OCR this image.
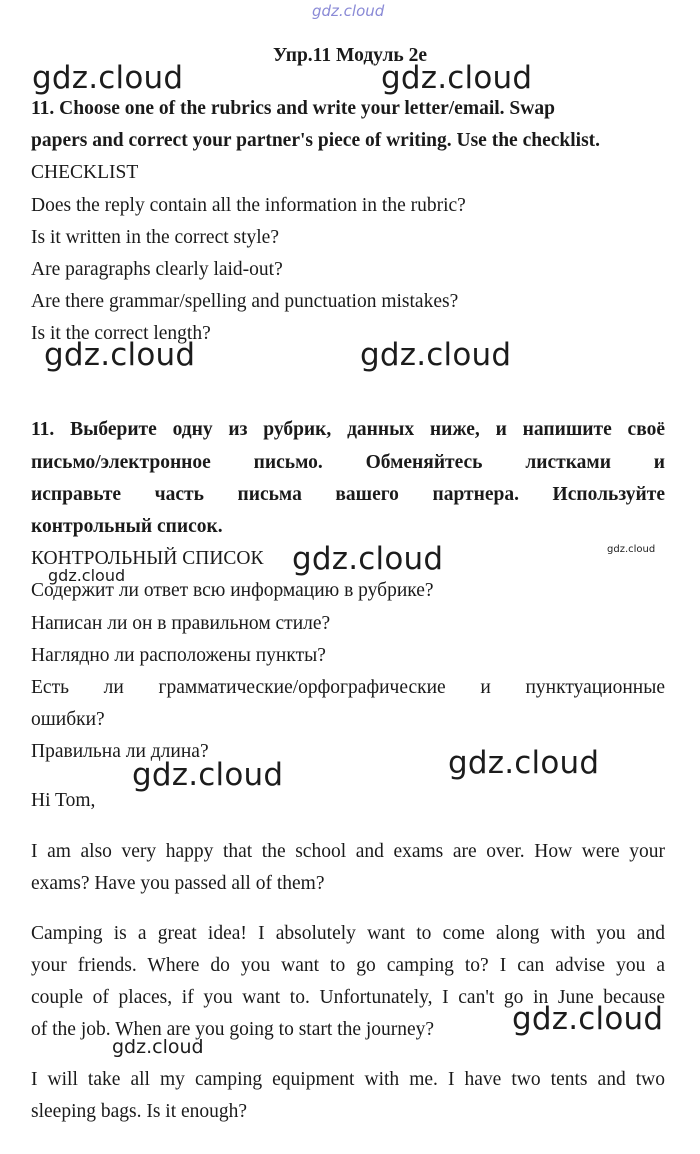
gdz.cloud
Упр.11 Модуль 2e
11. Choose one of the rubrics and write your letter/email. Swap
papers and correct your partner's piece of writing. Use the checklist.
CHECKLIST
Does the reply contain all the information in the rubric?
Is it written in the correct style?
Are paragraphs clearly laid-out?
Are there grammar/spelling and punctuation mistakes?
Is it the correct length?
11. Выберите одну из рубрик, данных ниже, и напишите своё
письмо/электронное письмо. Обменяйтесь листками и
исправьте часть письма вашего партнера. Используйте
контрольный список.
КОНТРОЛЬНЫЙ СПИСОК
Содержит ли ответ всю информацию в рубрике?
Написан ли он в правильном стиле?
Наглядно ли расположены пункты?
Есть ли грамматические/орфографические и пунктуационные
ошибки?
Правильна ли длина?
Hi Tom,
I am also very happy that the school and exams are over. How were your
exams? Have you passed all of them?
Camping is a great idea! I absolutely want to come along with you and
your friends. Where do you want to go camping to? I can advise you a
couple of places, if you want to. Unfortunately, I can't go in June because
of the job. When are you going to start the journey?
I will take all my camping equipment with me. I have two tents and two
sleeping bags. Is it enough?
gdz.cloud	gdz.cloud
gdz.cloud	gdz.cloud
gdz.cloud	gdz.cloud
gdz.cloud
gdz.cloud	gdz.cloud
gdz.cloud
gdz.cloud
